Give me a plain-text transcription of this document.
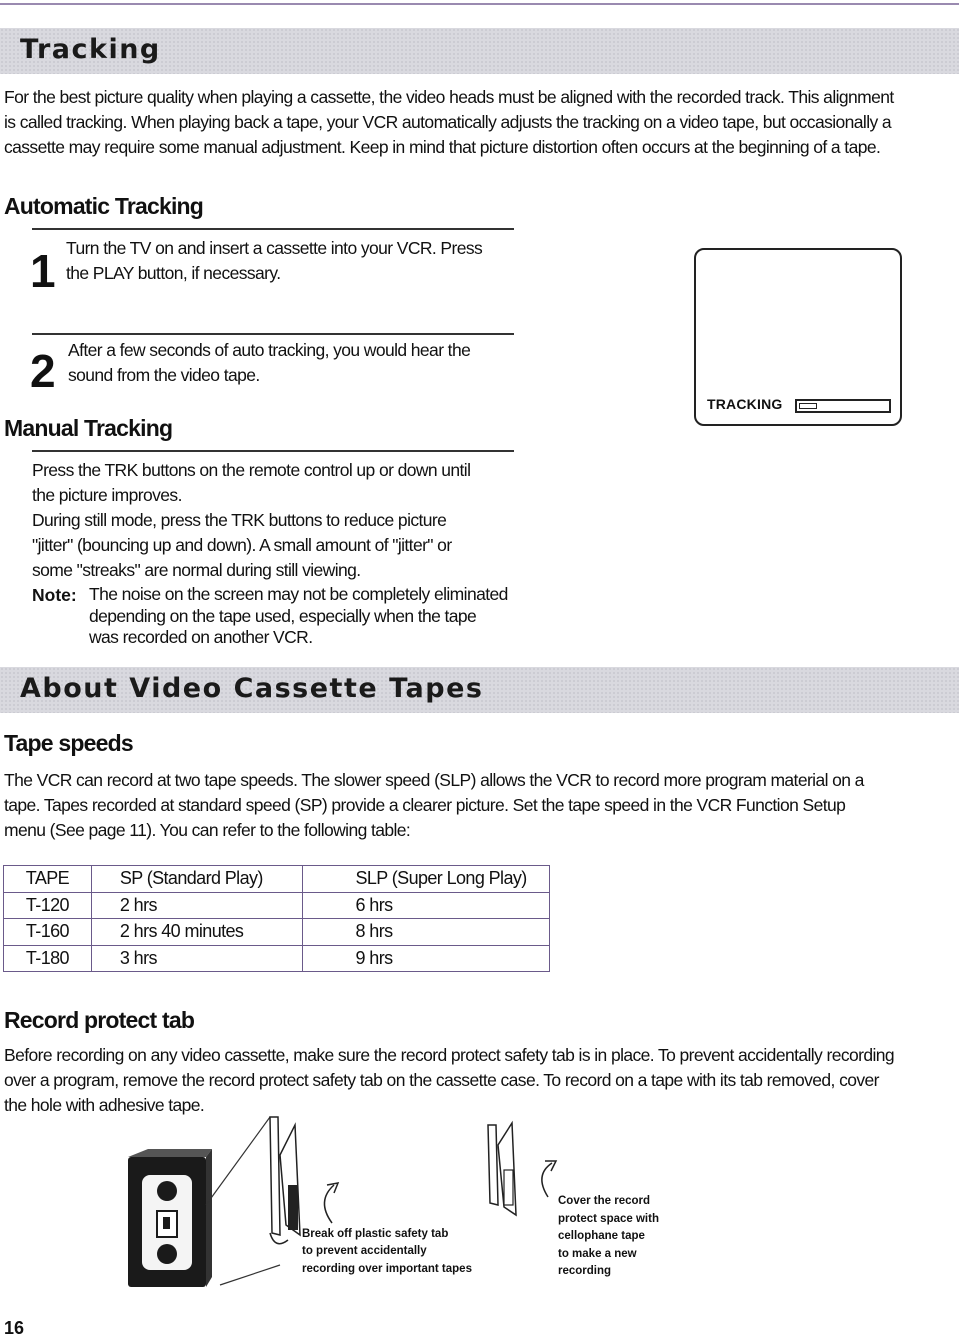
Tracking
For the best picture quality when playing a cassette, the video heads must be aligned with the recorded track. This alignment
is called tracking. When playing back a tape, your VCR automatically adjusts the tracking on a video tape, but occasionally a
cassette may require some manual adjustment. Keep in mind that picture distortion often occurs at the beginning of a tape.
Automatic Tracking
1 Turn the TV on and insert a cassette into your VCR. Press
the PLAY button, if necessary.
2 After a few seconds of auto tracking, you would hear the
sound from the video tape.
TRACKING
Manual Tracking
Press the TRK buttons on the remote control up or down until
the picture improves.
During still mode, press the TRK buttons to reduce picture
"jitter" (bouncing up and down). A small amount of "jitter" or
some "streaks" are normal during still viewing.
Note: The noise on the screen may not be completely eliminated
depending on the tape used, especially when the tape
was recorded on another VCR.
About Video Cassette Tapes
Tape speeds
The VCR can record at two tape speeds. The slower speed (SLP) allows the VCR to record more program material on a
tape. Tapes recorded at standard speed (SP) provide a clearer picture. Set the tape speed in the VCR Function Setup
menu (See page 11). You can refer to the following table:
TAPE	SP (Standard Play)	SLP (Super Long Play)
T-120	2 hrs	6 hrs
T-160	2 hrs 40 minutes	8 hrs
T-180	3 hrs	9 hrs
Record protect tab
Before recording on any video cassette, make sure the record protect safety tab is in place. To prevent accidentally recording
over a program, remove the record protect safety tab on the cassette case. To record on a tape with its tab removed, cover
the hole with adhesive tape.
Break off plastic safety tab
to prevent accidentally
recording over important tapes
Cover the record
protect space with
cellophane tape
to make a new
recording
16
